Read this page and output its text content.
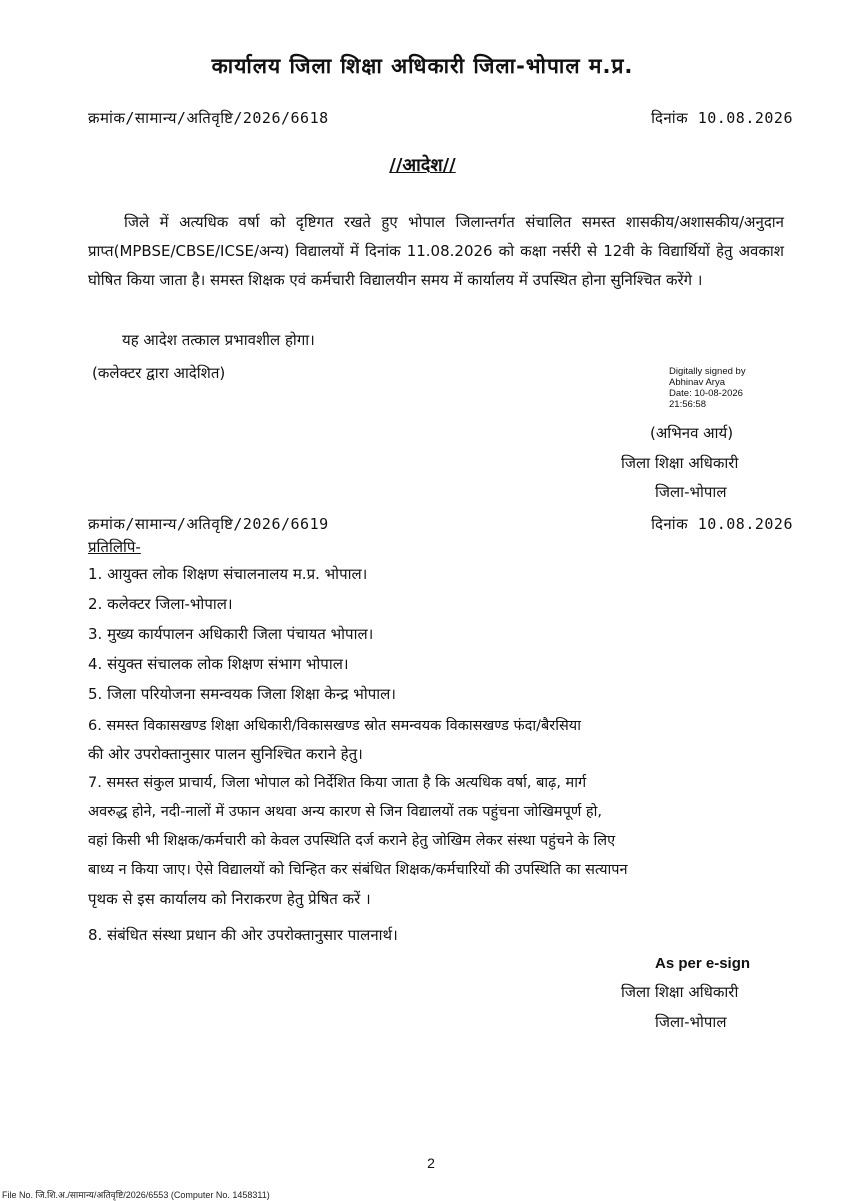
कार्यालय जिला शिक्षा अधिकारी जिला-भोपाल म.प्र.
क्रमांक/सामान्य/अतिवृष्टि/2026/6618	दिनांक 10.08.2026
//आदेश//
जिले में अत्यधिक वर्षा को दृष्टिगत रखते हुए भोपाल जिलान्तर्गत संचालित समस्त शासकीय/अशासकीय/अनुदान प्राप्त(MPBSE/CBSE/ICSE/अन्य) विद्यालयों में दिनांक 11.08.2026 को कक्षा नर्सरी से 12वी के विद्यार्थियों हेतु अवकाश घोषित किया जाता है। समस्त शिक्षक एवं कर्मचारी विद्यालयीन समय में कार्यालय में उपस्थित होना सुनिश्चित करेंगे ।
यह आदेश तत्काल प्रभावशील होगा।
(कलेक्टर द्वारा आदेशित)	Digitally signed by
Abhinav Arya
Date: 10-08-2026
21:56:58
(अभिनव आर्य)
जिला शिक्षा अधिकारी
जिला-भोपाल
क्रमांक/सामान्य/अतिवृष्टि/2026/6619	दिनांक 10.08.2026
प्रतिलिपि-
1. आयुक्त लोक शिक्षण संचालनालय म.प्र. भोपाल।
2. कलेक्टर जिला-भोपाल।
3. मुख्य कार्यपालन अधिकारी जिला पंचायत भोपाल।
4. संयुक्त संचालक लोक शिक्षण संभाग भोपाल।
5. जिला परियोजना समन्वयक जिला शिक्षा केन्द्र भोपाल।
6. समस्त विकासखण्ड शिक्षा अधिकारी/विकासखण्ड स्रोत समन्वयक विकासखण्ड फंदा/बैरसिया
की ओर उपरोक्तानुसार पालन सुनिश्चित कराने हेतु।
7. समस्त संकुल प्राचार्य, जिला भोपाल को निर्देशित किया जाता है कि अत्यधिक वर्षा, बाढ़, मार्ग
अवरुद्ध होने, नदी-नालों में उफान अथवा अन्य कारण से जिन विद्यालयों तक पहुंचना जोखिमपूर्ण हो,
वहां किसी भी शिक्षक/कर्मचारी को केवल उपस्थिति दर्ज कराने हेतु जोखिम लेकर संस्था पहुंचने के लिए
बाध्य न किया जाए। ऐसे विद्यालयों को चिन्हित कर संबंधित शिक्षक/कर्मचारियों की उपस्थिति का सत्यापन
पृथक से इस कार्यालय को निराकरण हेतु प्रेषित करें ।
8. संबंधित संस्था प्रधान की ओर उपरोक्तानुसार पालनार्थ।
As per e-sign
जिला शिक्षा अधिकारी
जिला-भोपाल
2
File No. जि.शि.अ./सामान्य/अतिवृष्टि/2026/6553 (Computer No. 1458311)
